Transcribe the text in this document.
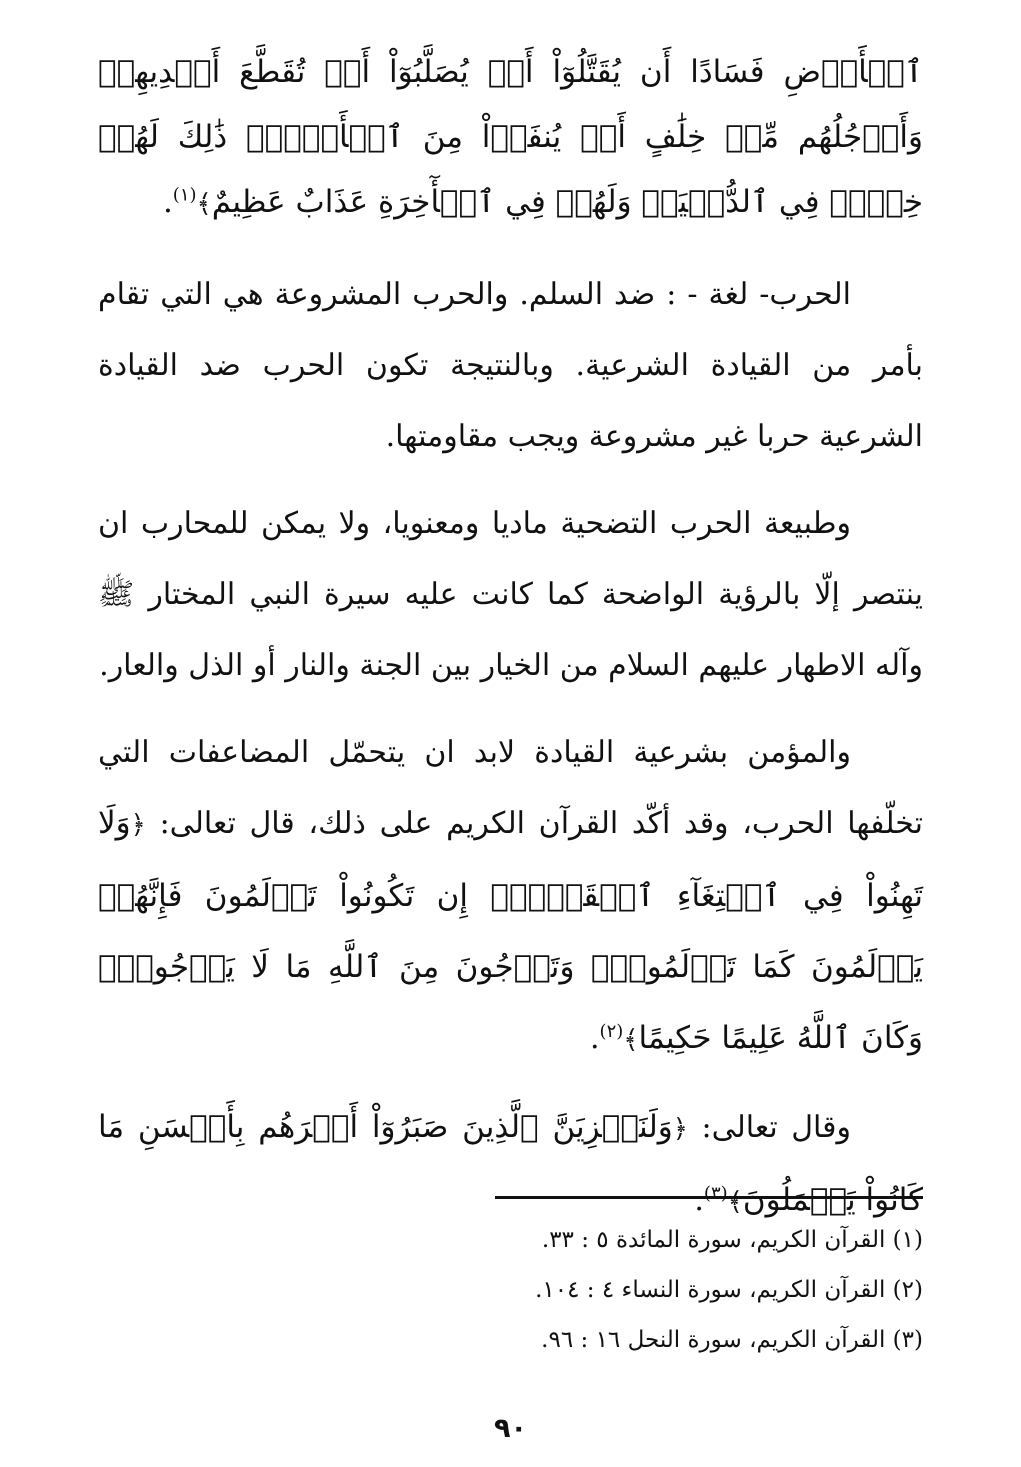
ٱلۡأَرۡضِ فَسَادًا أَن يُقَتَّلُوٓاْ أَوۡ يُصَلَّبُوٓاْ أَوۡ تُقَطَّعَ أَيۡدِيهِمۡ وَأَرۡجُلُهُم مِّنۡ خِلَٰفٍ أَوۡ يُنفَوۡاْ مِنَ ٱلۡأَرۡضِۚ ذَٰلِكَ لَهُمۡ خِزۡيٞ فِي ٱلدُّنۡيَاۖ وَلَهُمۡ فِي ٱلۡأٓخِرَةِ عَذَابٌ عَظِيمٌ﴾$^{(١)}$.

الحرب- لغة - : ضد السلم. والحرب المشروعة هي التي تقام بأمر من القيادة الشرعية. وبالنتيجة تكون الحرب ضد القيادة الشرعية حربا غير مشروعة ويجب مقاومتها.

وطبيعة الحرب التضحية ماديا ومعنويا، ولا يمكن للمحارب ان ينتصر إلّا بالرؤية الواضحة كما كانت عليه سيرة النبي المختار ﷺ وآله الاطهار عليهم السلام من الخيار بين الجنة والنار أو الذل والعار.

والمؤمن بشرعية القيادة لابد ان يتحمّل المضاعفات التي تخلّفها الحرب، وقد أكّد القرآن الكريم على ذلك، قال تعالى: ﴿وَلَا تَهِنُواْ فِي ٱبۡتِغَآءِ ٱلۡقَوۡمِۖ إِن تَكُونُواْ تَأۡلَمُونَ فَإِنَّهُمۡ يَأۡلَمُونَ كَمَا تَأۡلَمُونَۖ وَتَرۡجُونَ مِنَ ٱللَّهِ مَا لَا يَرۡجُونَۗ وَكَانَ ٱللَّهُ عَلِيمًا حَكِيمًا﴾$^{(٢)}$.

وقال تعالى: ﴿وَلَنَجۡزِيَنَّ ٱلَّذِينَ صَبَرُوٓاْ أَجۡرَهُم بِأَحۡسَنِ مَا كَانُواْ يَعۡمَلُونَ﴾$^{(٣)}$.

(١) القرآن الكريم، سورة المائدة ٥ : ٣٣.
(٢) القرآن الكريم، سورة النساء ٤ : ١٠٤.
(٣) القرآن الكريم، سورة النحل ١٦ : ٩٦.
٩٠
